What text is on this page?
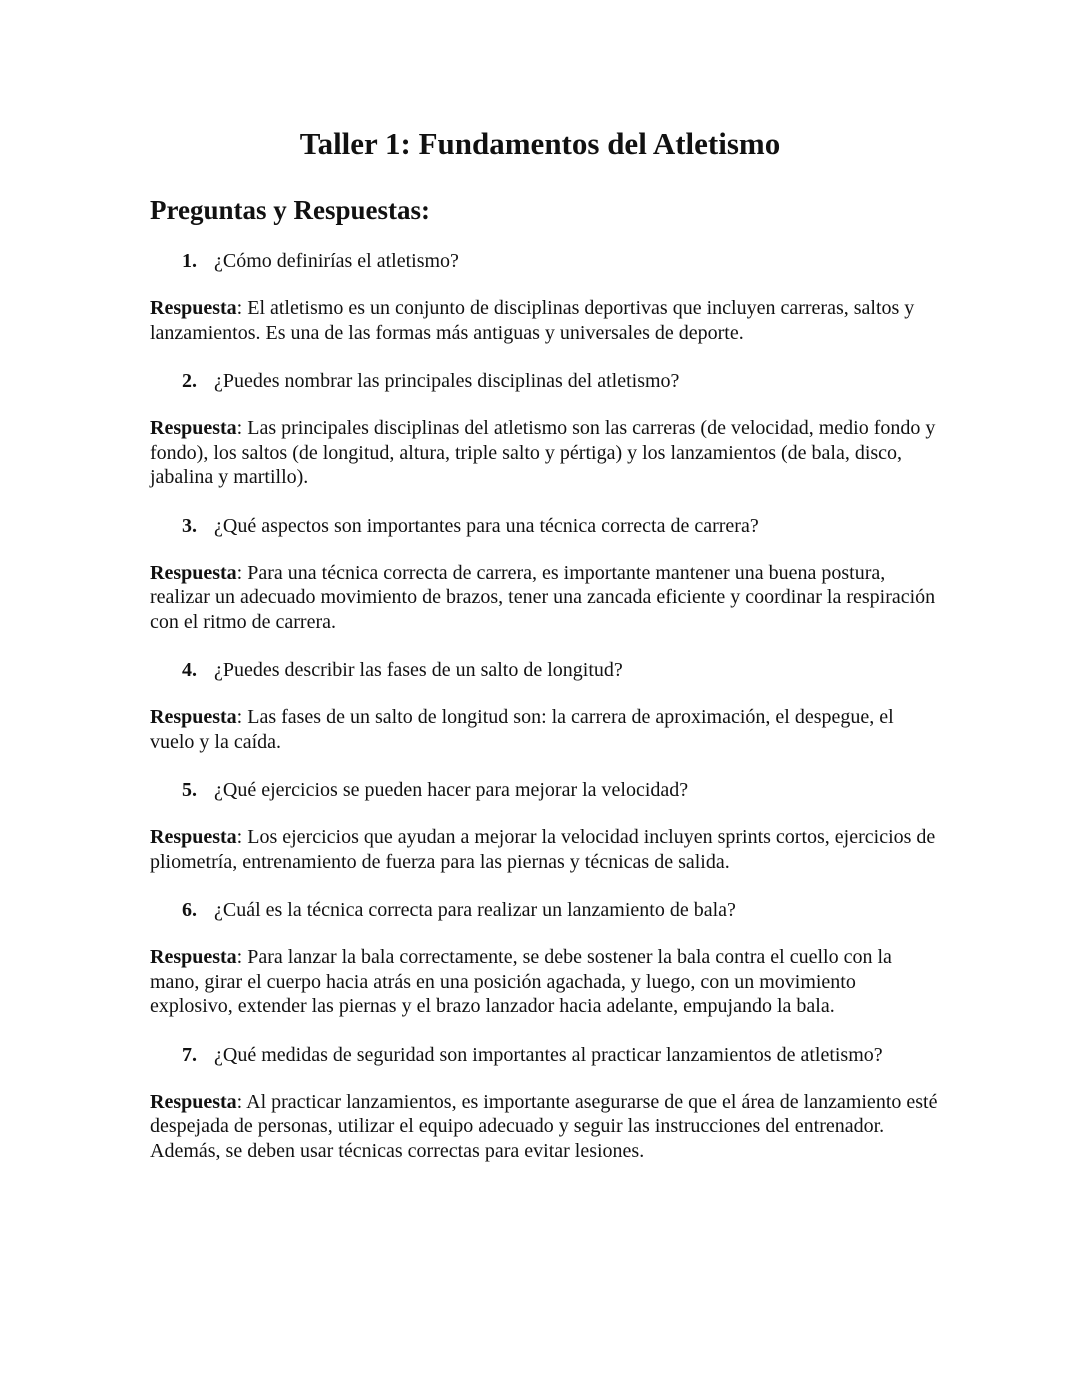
Taller 1: Fundamentos del Atletismo
Preguntas y Respuestas:

1. ¿Cómo definirías el atletismo?

Respuesta: El atletismo es un conjunto de disciplinas deportivas que incluyen carreras, saltos y lanzamientos. Es una de las formas más antiguas y universales de deporte.

2. ¿Puedes nombrar las principales disciplinas del atletismo?

Respuesta: Las principales disciplinas del atletismo son las carreras (de velocidad, medio fondo y fondo), los saltos (de longitud, altura, triple salto y pértiga) y los lanzamientos (de bala, disco, jabalina y martillo).

3. ¿Qué aspectos son importantes para una técnica correcta de carrera?

Respuesta: Para una técnica correcta de carrera, es importante mantener una buena postura, realizar un adecuado movimiento de brazos, tener una zancada eficiente y coordinar la respiración con el ritmo de carrera.

4. ¿Puedes describir las fases de un salto de longitud?

Respuesta: Las fases de un salto de longitud son: la carrera de aproximación, el despegue, el vuelo y la caída.

5. ¿Qué ejercicios se pueden hacer para mejorar la velocidad?

Respuesta: Los ejercicios que ayudan a mejorar la velocidad incluyen sprints cortos, ejercicios de pliometría, entrenamiento de fuerza para las piernas y técnicas de salida.

6. ¿Cuál es la técnica correcta para realizar un lanzamiento de bala?

Respuesta: Para lanzar la bala correctamente, se debe sostener la bala contra el cuello con la mano, girar el cuerpo hacia atrás en una posición agachada, y luego, con un movimiento explosivo, extender las piernas y el brazo lanzador hacia adelante, empujando la bala.

7. ¿Qué medidas de seguridad son importantes al practicar lanzamientos de atletismo?

Respuesta: Al practicar lanzamientos, es importante asegurarse de que el área de lanzamiento esté despejada de personas, utilizar el equipo adecuado y seguir las instrucciones del entrenador. Además, se deben usar técnicas correctas para evitar lesiones.
